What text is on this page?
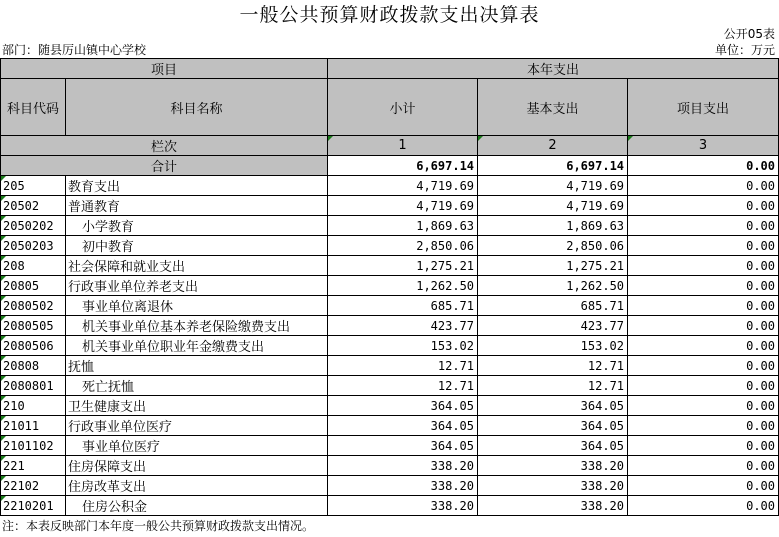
一般公共预算财政拨款支出决算表
公开05表
部门：随县厉山镇中心学校	单位：万元
项目		本年支出		
科目代码	科目名称	小计	基本支出	项目支出
栏次		1	2	3
合计		6,697.14	6,697.14	0.00
205	教育支出	4,719.69	4,719.69	0.00
20502	普通教育	4,719.69	4,719.69	0.00
2050202	小学教育	1,869.63	1,869.63	0.00
2050203	初中教育	2,850.06	2,850.06	0.00
208	社会保障和就业支出	1,275.21	1,275.21	0.00
20805	行政事业单位养老支出	1,262.50	1,262.50	0.00
2080502	事业单位离退休	685.71	685.71	0.00
2080505	机关事业单位基本养老保险缴费支出	423.77	423.77	0.00
2080506	机关事业单位职业年金缴费支出	153.02	153.02	0.00
20808	抚恤	12.71	12.71	0.00
2080801	死亡抚恤	12.71	12.71	0.00
210	卫生健康支出	364.05	364.05	0.00
21011	行政事业单位医疗	364.05	364.05	0.00
2101102	事业单位医疗	364.05	364.05	0.00
221	住房保障支出	338.20	338.20	0.00
22102	住房改革支出	338.20	338.20	0.00
2210201	住房公积金	338.20	338.20	0.00
注：本表反映部门本年度一般公共预算财政拨款支出情况。
